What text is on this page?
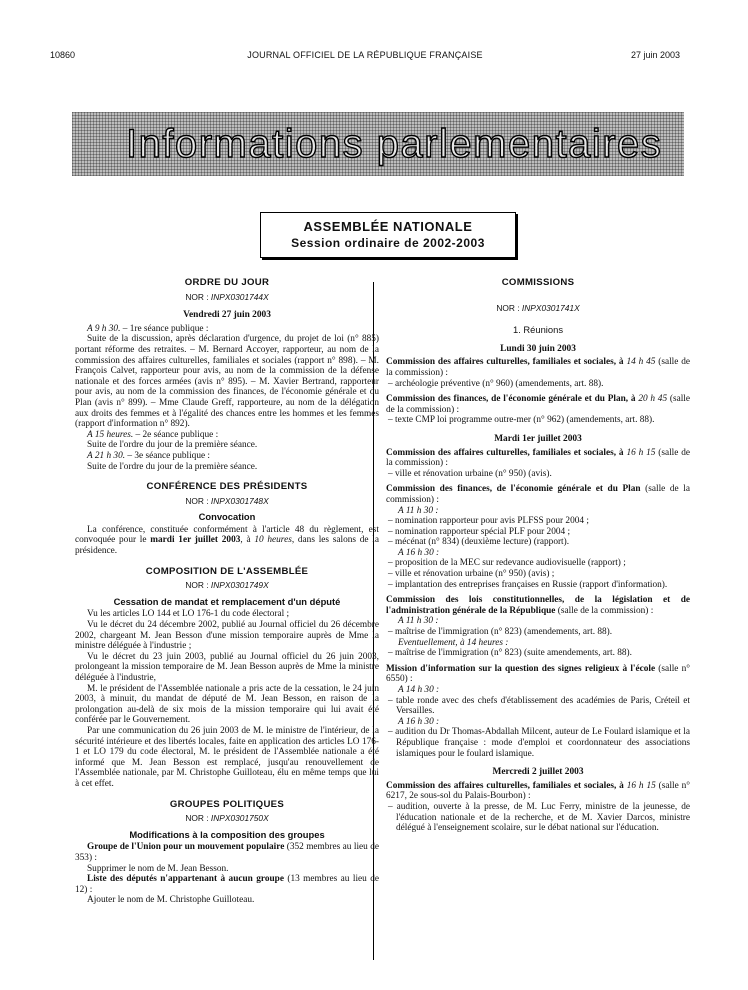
10860	JOURNAL OFFICIEL DE LA RÉPUBLIQUE FRANÇAISE	27 juin 2003
Informations parlementaires
ASSEMBLÉE NATIONALE
Session ordinaire de 2002-2003
ORDRE DU JOUR
NOR : INPX0301744X
Vendredi 27 juin 2003

A 9 h 30. – 1re séance publique :

Suite de la discussion, après déclaration d'urgence, du projet de loi (n° 885) portant réforme des retraites. – M. Bernard Accoyer, rapporteur, au nom de la commission des affaires culturelles, familiales et sociales (rapport n° 898). – M. François Calvet, rapporteur pour avis, au nom de la commission de la défense nationale et des forces armées (avis n° 895). – M. Xavier Bertrand, rapporteur pour avis, au nom de la commission des finances, de l'économie générale et du Plan (avis n° 899). – Mme Claude Greff, rapporteure, au nom de la délégation aux droits des femmes et à l'égalité des chances entre les hommes et les femmes (rapport d'information n° 892).

A 15 heures. – 2e séance publique :

Suite de l'ordre du jour de la première séance.

A 21 h 30. – 3e séance publique :

Suite de l'ordre du jour de la première séance.

CONFÉRENCE DES PRÉSIDENTS
NOR : INPX0301748X
Convocation

La conférence, constituée conformément à l'article 48 du règlement, est convoquée pour le mardi 1er juillet 2003, à 10 heures, dans les salons de la présidence.

COMPOSITION DE L'ASSEMBLÉE
NOR : INPX0301749X
Cessation de mandat et remplacement d'un député

Vu les articles LO 144 et LO 176-1 du code électoral ;

Vu le décret du 24 décembre 2002, publié au Journal officiel du 26 décembre 2002, chargeant M. Jean Besson d'une mission temporaire auprès de Mme la ministre déléguée à l'industrie ;

Vu le décret du 23 juin 2003, publié au Journal officiel du 26 juin 2003, prolongeant la mission temporaire de M. Jean Besson auprès de Mme la ministre déléguée à l'industrie,

M. le président de l'Assemblée nationale a pris acte de la cessation, le 24 juin 2003, à minuit, du mandat de député de M. Jean Besson, en raison de la prolongation au-delà de six mois de la mission temporaire qui lui avait été conférée par le Gouvernement.

Par une communication du 26 juin 2003 de M. le ministre de l'intérieur, de la sécurité intérieure et des libertés locales, faite en application des articles LO 176-1 et LO 179 du code électoral, M. le président de l'Assemblée nationale a été informé que M. Jean Besson est remplacé, jusqu'au renouvellement de l'Assemblée nationale, par M. Christophe Guilloteau, élu en même temps que lui à cet effet.

GROUPES POLITIQUES
NOR : INPX0301750X
Modifications à la composition des groupes

Groupe de l'Union pour un mouvement populaire (352 membres au lieu de 353) :

Supprimer le nom de M. Jean Besson.

Liste des députés n'appartenant à aucun groupe (13 membres au lieu de 12) :

Ajouter le nom de M. Christophe Guilloteau.

COMMISSIONS
NOR : INPX0301741X
1. Réunions
Lundi 30 juin 2003

Commission des affaires culturelles, familiales et sociales, à 14 h 45 (salle de la commission) :

– archéologie préventive (n° 960) (amendements, art. 88).

Commission des finances, de l'économie générale et du Plan, à 20 h 45 (salle de la commission) :

– texte CMP loi programme outre-mer (n° 962) (amendements, art. 88).
Mardi 1er juillet 2003

Commission des affaires culturelles, familiales et sociales, à 16 h 15 (salle de la commission) :

– ville et rénovation urbaine (n° 950) (avis).

Commission des finances, de l'économie générale et du Plan (salle de la commission) :

A 11 h 30 :

– nomination rapporteur pour avis PLFSS pour 2004 ;
– nomination rapporteur spécial PLF pour 2004 ;
– mécénat (n° 834) (deuxième lecture) (rapport).

A 16 h 30 :

– proposition de la MEC sur redevance audiovisuelle (rapport) ;
– ville et rénovation urbaine (n° 950) (avis) ;
– implantation des entreprises françaises en Russie (rapport d'information).

Commission des lois constitutionnelles, de la législation et de l'administration générale de la République (salle de la commission) :

A 11 h 30 :

– maîtrise de l'immigration (n° 823) (amendements, art. 88).

Eventuellement, à 14 heures :

– maîtrise de l'immigration (n° 823) (suite amendements, art. 88).

Mission d'information sur la question des signes religieux à l'école (salle n° 6550) :

A 14 h 30 :

– table ronde avec des chefs d'établissement des académies de Paris, Créteil et Versailles.

A 16 h 30 :

– audition du Dr Thomas-Abdallah Milcent, auteur de Le Foulard islamique et la République française : mode d'emploi et coordonnateur des associations islamiques pour le foulard islamique.
Mercredi 2 juillet 2003

Commission des affaires culturelles, familiales et sociales, à 16 h 15 (salle n° 6217, 2e sous-sol du Palais-Bourbon) :

– audition, ouverte à la presse, de M. Luc Ferry, ministre de la jeunesse, de l'éducation nationale et de la recherche, et de M. Xavier Darcos, ministre délégué à l'enseignement scolaire, sur le débat national sur l'éducation.
